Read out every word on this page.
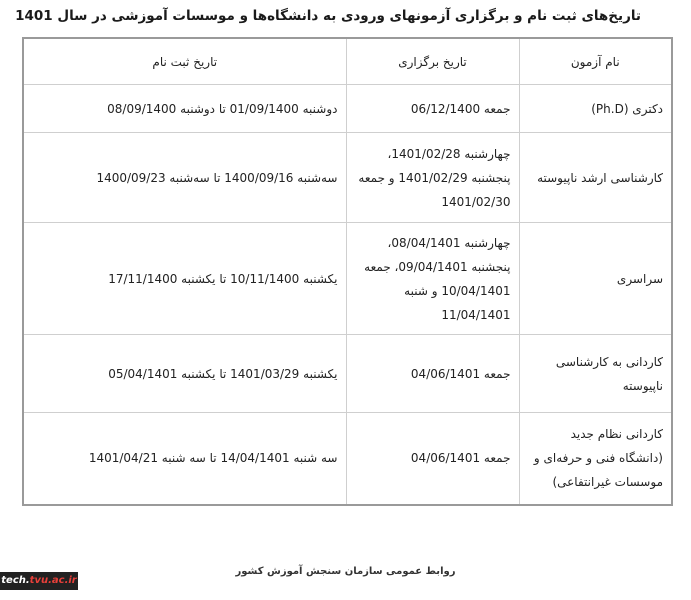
تاریخ‌های ثبت نام و برگزاری آزمونهای ورودی به دانشگاه‌ها و موسسات آموزشی در سال 1401
نام آزمون	تاریخ برگزاری	تاریخ ثبت نام
دکتری (Ph.D)	جمعه 06/12/1400	دوشنبه 01/09/1400 تا دوشنبه 08/09/1400
کارشناسی ارشد ناپیوسته	چهارشنبه 1401/02/28، پنجشنبه 1401/02/29 و جمعه 1401/02/30	سه‌شنبه 1400/09/16 تا سه‌شنبه 1400/09/23
سراسری	چهارشنبه 08/04/1401، پنجشنبه 09/04/1401، جمعه 10/04/1401 و شنبه 11/04/1401	یکشنبه 10/11/1400 تا یکشنبه 17/11/1400
کاردانی به کارشناسی ناپیوسته	جمعه 04/06/1401	یکشنبه 1401/03/29 تا یکشنبه 05/04/1401
کاردانی نظام جدید (دانشگاه فنی و حرفه‌ای و موسسات غیرانتفاعی)	جمعه 04/06/1401	سه شنبه 14/04/1401 تا سه شنبه 1401/04/21
روابط عمومی سازمان سنجش آموزش کشور
tech.tvu.ac.ir
